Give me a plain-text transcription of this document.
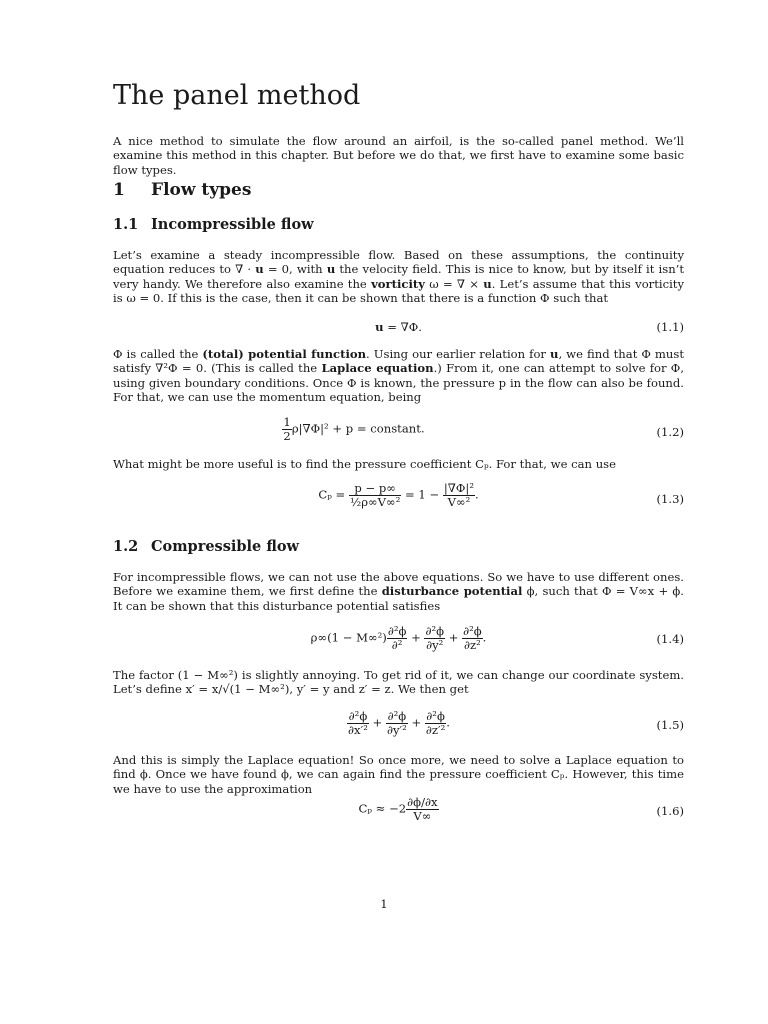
The panel method

A nice method to simulate the flow around an airfoil, is the so-called panel method. We’ll examine this method in this chapter. But before we do that, we first have to examine some basic flow types.

1 Flow types
1.1 Incompressible flow

Let’s examine a steady incompressible flow. Based on these assumptions, the continuity equation reduces to ∇ · u = 0, with u the velocity field. This is nice to know, but by itself it isn’t very handy. We therefore also examine the vorticity ω = ∇ × u. Let’s assume that this vorticity is ω = 0. If this is the case, then it can be shown that there is a function Φ such that

u = ∇Φ.	(1.1)

Φ is called the (total) potential function. Using our earlier relation for u, we find that Φ must satisfy ∇²Φ = 0. (This is called the Laplace equation.) From it, one can attempt to solve for Φ, using given boundary conditions. Once Φ is known, the pressure p in the flow can also be found. For that, we can use the momentum equation, being

$\frac{1}{2} \rho|\nabla\Phi|^2 + p$ = constant.	(1.2)

What might be more useful is to find the pressure coefficient Cₚ. For that, we can use

$C_p = \frac{p - p\infty}{\text{½ρ∞V∞²}} = 1 - \frac{\text{|∇Φ|²}}{\text{V∞²}}$ .	(1.3)
1.2 Compressible flow

For incompressible flows, we can not use the above equations. So we have to use different ones. Before we examine them, we first define the disturbance potential ϕ, such that Φ = V∞x + ϕ. It can be shown that this disturbance potential satisfies

$\rho\infty(1 - M\infty^2) \frac{\text{∂²ϕ}}{\text{∂²}} + \frac{\text{∂²ϕ}}{\text{∂y²}} + \frac{\text{∂²ϕ}}{\text{∂z²}}$ .	(1.4)

The factor (1 − M∞²) is slightly annoying. To get rid of it, we can change our coordinate system. Let’s define x′ = x/√(1 − M∞²), y′ = y and z′ = z. We then get

$\frac{\text{∂²ϕ}}{\text{∂x′²}} + \frac{\text{∂²ϕ}}{\text{∂y′²}} + \frac{\text{∂²ϕ}}{\text{∂z′²}}$ .	(1.5)

And this is simply the Laplace equation! So once more, we need to solve a Laplace equation to find ϕ. Once we have found ϕ, we can again find the pressure coefficient Cₚ. However, this time we have to use the approximation

$C_p \approx -2 \frac{\partial\phi/\partial x}{V\infty}$	(1.6)
1
